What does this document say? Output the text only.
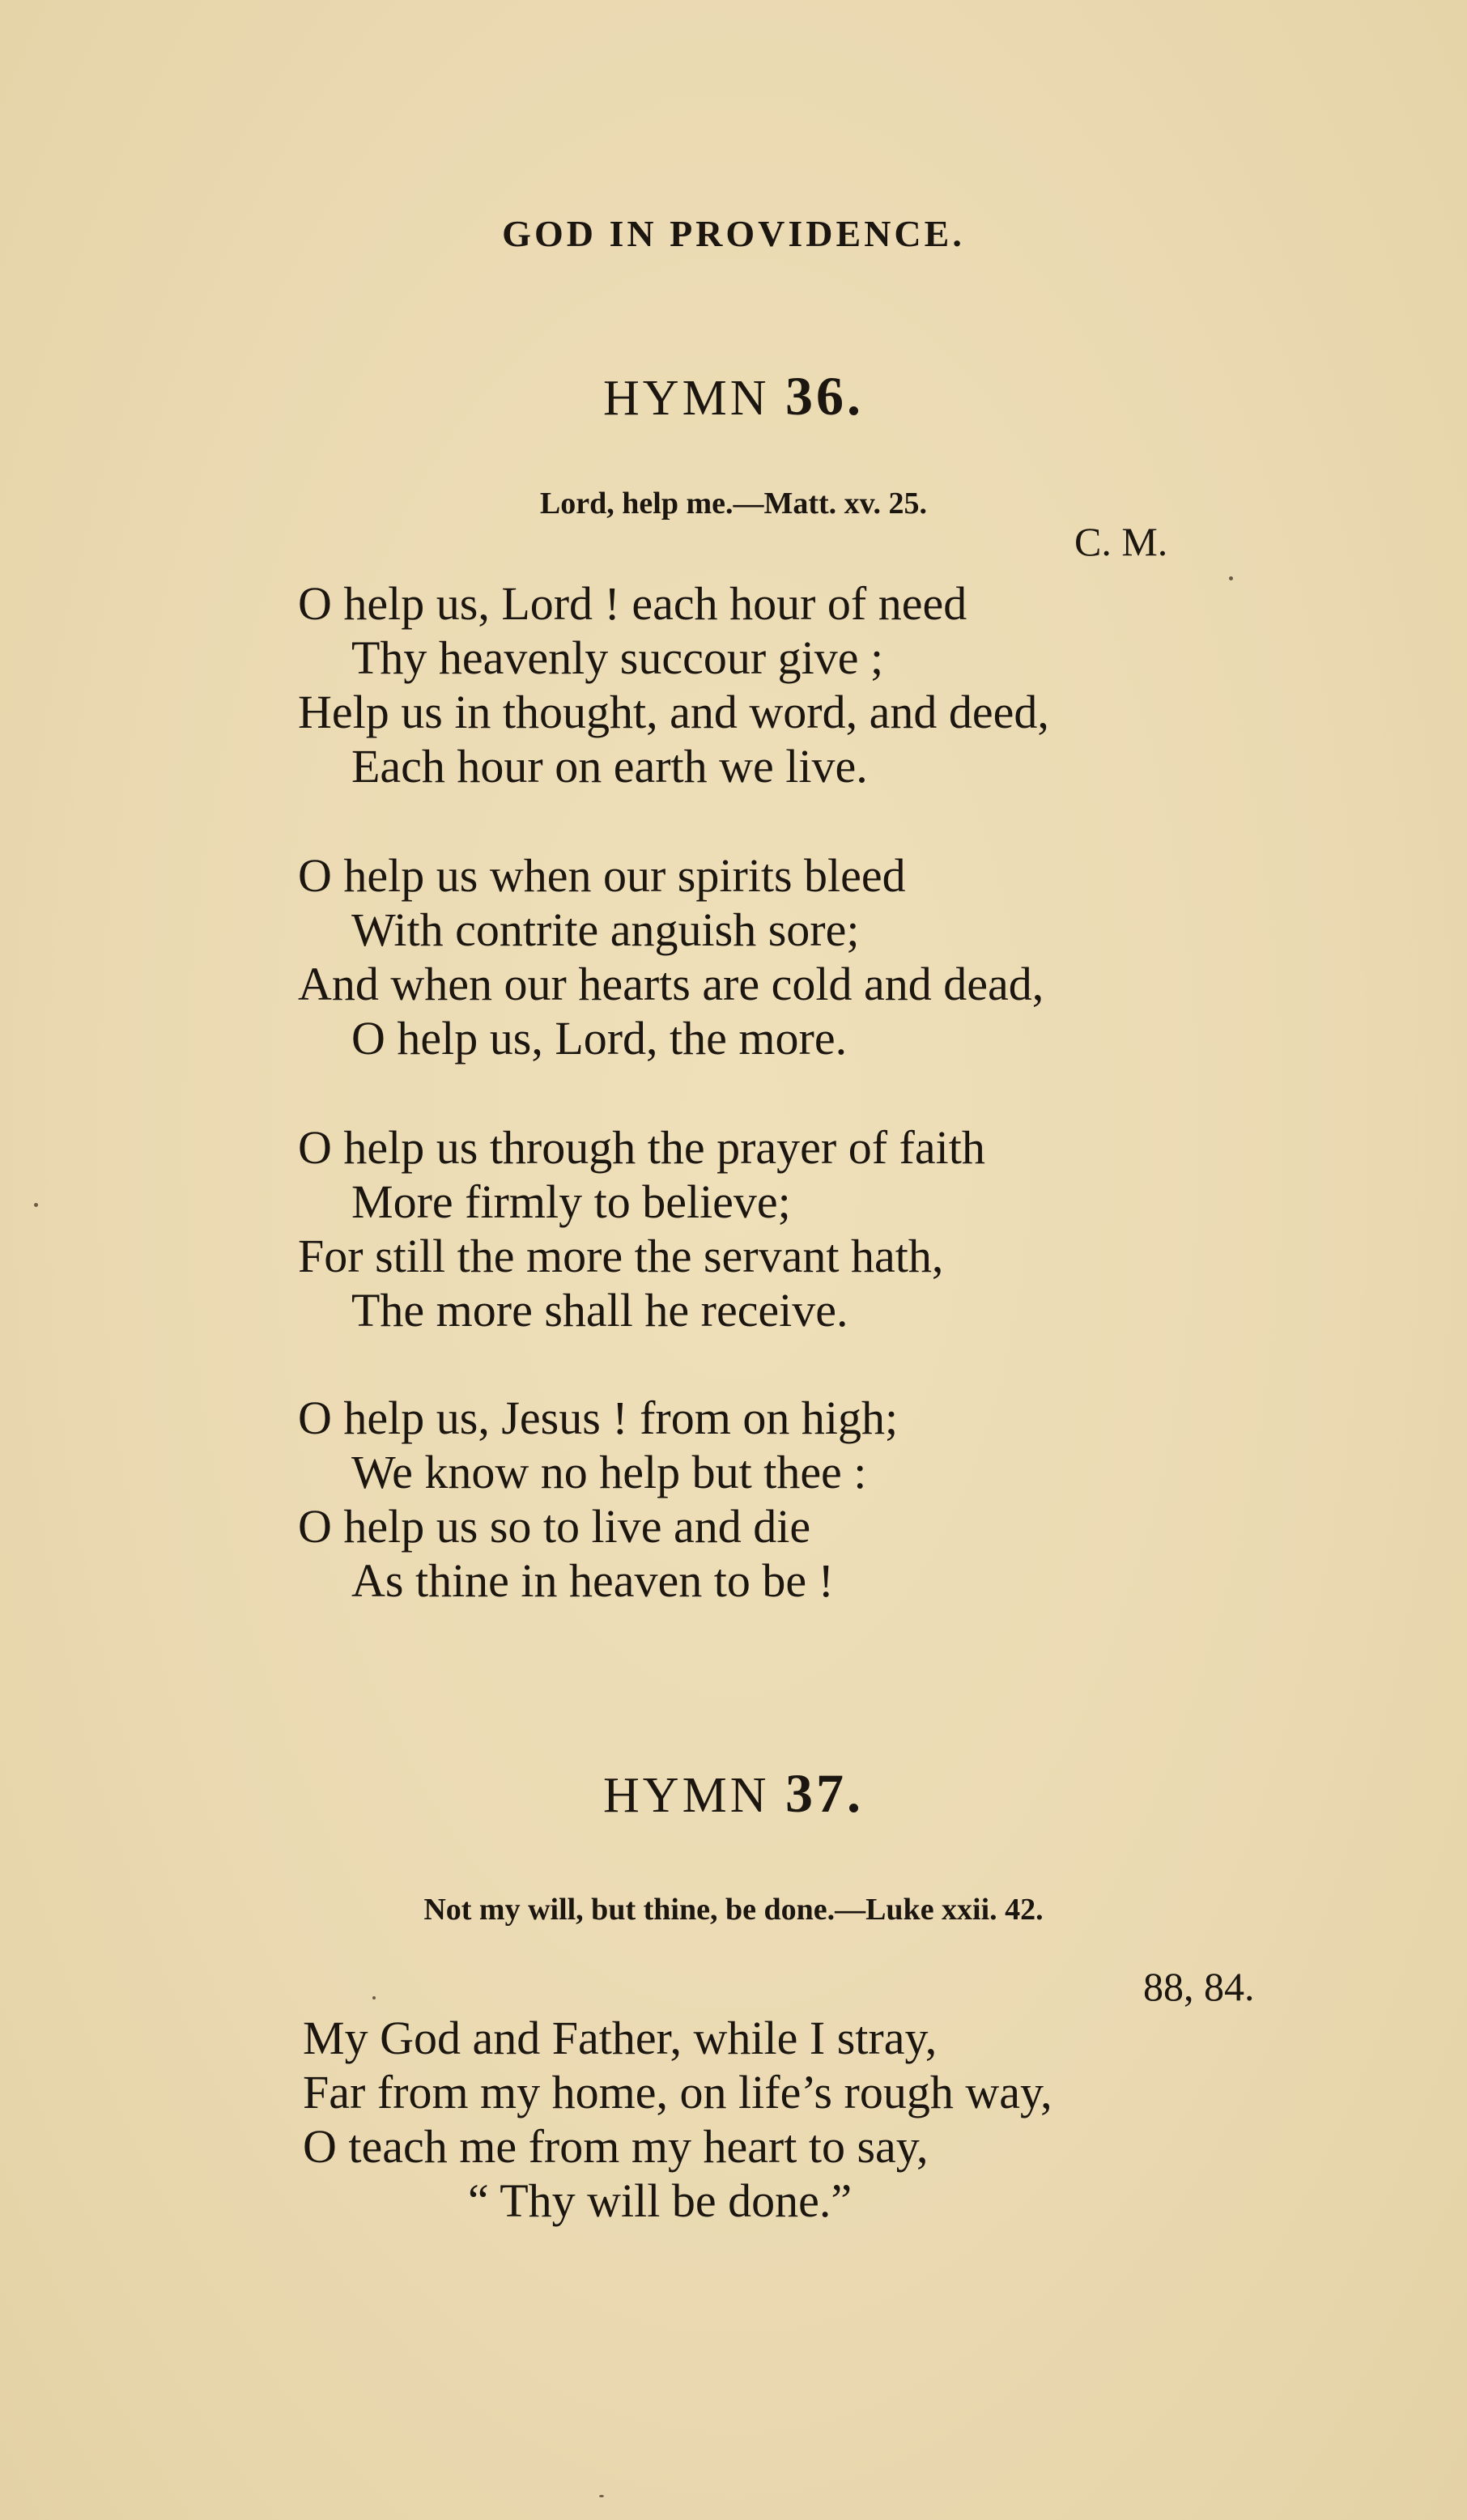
GOD IN PROVIDENCE.
HYMN 36.
Lord, help me.—Matt. xv. 25.
C. M.
O help us, Lord ! each hour of need
Thy heavenly succour give ;
Help us in thought, and word, and deed,
Each hour on earth we live.
O help us when our spirits bleed
With contrite anguish sore;
And when our hearts are cold and dead,
O help us, Lord, the more.
O help us through the prayer of faith
More firmly to believe;
For still the more the servant hath,
The more shall he receive.
O help us, Jesus ! from on high;
We know no help but thee :
O help us so to live and die
As thine in heaven to be !
HYMN 37.
Not my will, but thine, be done.—Luke xxii. 42.
88, 84.
My God and Father, while I stray,
Far from my home, on life’s rough way,
O teach me from my heart to say,
“ Thy will be done.”
